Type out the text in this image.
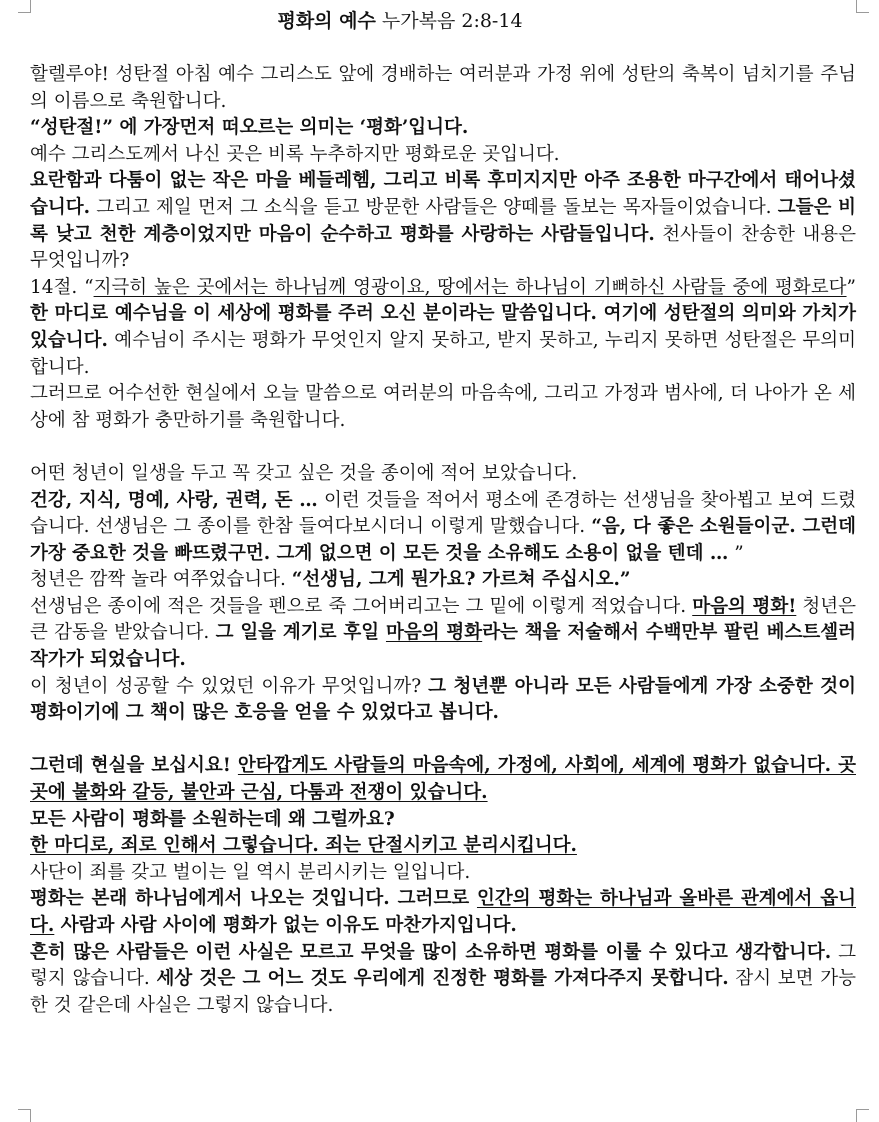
평화의 예수 누가복음 2:8-14

할렐루야! 성탄절 아침 예수 그리스도 앞에 경배하는 여러분과 가정 위에 성탄의 축복이 넘치기를 주님의 이름으로 축원합니다.

“성탄절!” 에 가장먼저 떠오르는 의미는 ‘평화’입니다.

예수 그리스도께서 나신 곳은 비록 누추하지만 평화로운 곳입니다.

요란함과 다툼이 없는 작은 마을 베들레헴, 그리고 비록 후미지지만 아주 조용한 마구간에서 태어나셨습니다. 그리고 제일 먼저 그 소식을 듣고 방문한 사람들은 양떼를 돌보는 목자들이었습니다. 그들은 비록 낮고 천한 계층이었지만 마음이 순수하고 평화를 사랑하는 사람들입니다. 천사들이 찬송한 내용은 무엇입니까?

14절. “지극히 높은 곳에서는 하나님께 영광이요, 땅에서는 하나님이 기뻐하신 사람들 중에 평화로다” 한 마디로 예수님을 이 세상에 평화를 주러 오신 분이라는 말씀입니다. 여기에 성탄절의 의미와 가치가 있습니다. 예수님이 주시는 평화가 무엇인지 알지 못하고, 받지 못하고, 누리지 못하면 성탄절은 무의미합니다.

그러므로 어수선한 현실에서 오늘 말씀으로 여러분의 마음속에, 그리고 가정과 범사에, 더 나아가 온 세상에 참 평화가 충만하기를 축원합니다.

어떤 청년이 일생을 두고 꼭 갖고 싶은 것을 종이에 적어 보았습니다.

건강, 지식, 명예, 사랑, 권력, 돈 … 이런 것들을 적어서 평소에 존경하는 선생님을 찾아뵙고 보여 드렸습니다. 선생님은 그 종이를 한참 들여다보시더니 이렇게 말했습니다. “음, 다 좋은 소원들이군. 그런데 가장 중요한 것을 빠뜨렸구먼. 그게 없으면 이 모든 것을 소유해도 소용이 없을 텐데 … ”

청년은 깜짝 놀라 여쭈었습니다. “선생님, 그게 뭔가요? 가르쳐 주십시오.”

선생님은 종이에 적은 것들을 펜으로 죽 그어버리고는 그 밑에 이렇게 적었습니다. 마음의 평화! 청년은 큰 감동을 받았습니다. 그 일을 계기로 후일 마음의 평화라는 책을 저술해서 수백만부 팔린 베스트셀러 작가가 되었습니다.

이 청년이 성공할 수 있었던 이유가 무엇입니까? 그 청년뿐 아니라 모든 사람들에게 가장 소중한 것이 평화이기에 그 책이 많은 호응을 얻을 수 있었다고 봅니다.

그런데 현실을 보십시요! 안타깝게도 사람들의 마음속에, 가정에, 사회에, 세계에 평화가 없습니다. 곳곳에 불화와 갈등, 불안과 근심, 다툼과 전쟁이 있습니다.

모든 사람이 평화를 소원하는데 왜 그럴까요?

한 마디로, 죄로 인해서 그렇습니다. 죄는 단절시키고 분리시킵니다.

사단이 죄를 갖고 벌이는 일 역시 분리시키는 일입니다.

평화는 본래 하나님에게서 나오는 것입니다. 그러므로 인간의 평화는 하나님과 올바른 관계에서 옵니다. 사람과 사람 사이에 평화가 없는 이유도 마찬가지입니다.

흔히 많은 사람들은 이런 사실은 모르고 무엇을 많이 소유하면 평화를 이룰 수 있다고 생각합니다. 그렇지 않습니다. 세상 것은 그 어느 것도 우리에게 진정한 평화를 가져다주지 못합니다. 잠시 보면 가능한 것 같은데 사실은 그렇지 않습니다.
